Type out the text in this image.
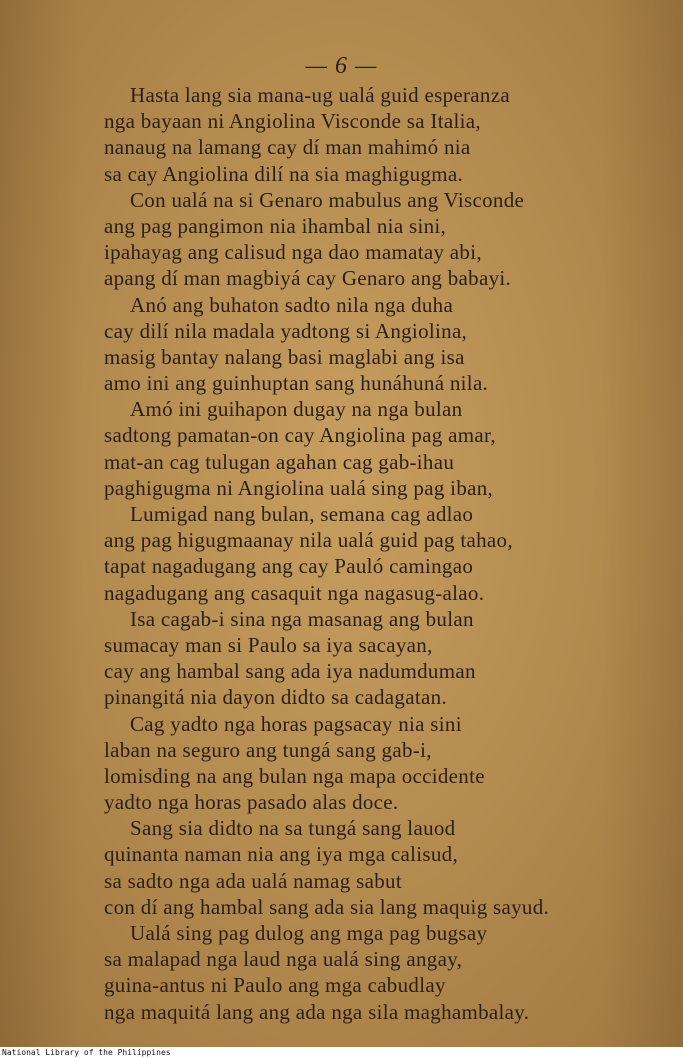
— 6 —
Hasta lang sia mana-ug ualá guid esperanza
nga bayaan ni Angiolina Visconde sa Italia,
nanaug na lamang cay dí man mahimó nia
sa cay Angiolina dilí na sia maghigugma.
Con ualá na si Genaro mabulus ang Visconde
ang pag pangimon nia ihambal nia sini,
ipahayag ang calisud nga dao mamatay abi,
apang dí man magbiyá cay Genaro ang babayi.
Anó ang buhaton sadto nila nga duha
cay dilí nila madala yadtong si Angiolina,
masig bantay nalang basi maglabi ang isa
amo ini ang guinhuptan sang hunáhuná nila.
Amó ini guihapon dugay na nga bulan
sadtong pamatan-on cay Angiolina pag amar,
mat-an cag tulugan agahan cag gab-ihau
paghigugma ni Angiolina ualá sing pag iban,
Lumigad nang bulan, semana cag adlao
ang pag higugmaanay nila ualá guid pag tahao,
tapat nagadugang ang cay Pauló camingao
nagadugang ang casaquit nga nagasug-alao.
Isa cagab-i sina nga masanag ang bulan
sumacay man si Paulo sa iya sacayan,
cay ang hambal sang ada iya nadumduman
pinangitá nia dayon didto sa cadagatan.
Cag yadto nga horas pagsacay nia sini
laban na seguro ang tungá sang gab-i,
lomisding na ang bulan nga mapa occidente
yadto nga horas pasado alas doce.
Sang sia didto na sa tungá sang lauod
quinanta naman nia ang iya mga calisud,
sa sadto nga ada ualá namag sabut
con dí ang hambal sang ada sia lang maquig sayud.
Ualá sing pag dulog ang mga pag bugsay
sa malapad nga laud nga ualá sing angay,
guina-antus ni Paulo ang mga cabudlay
nga maquitá lang ang ada nga sila maghambalay.
National Library of the Philippines
